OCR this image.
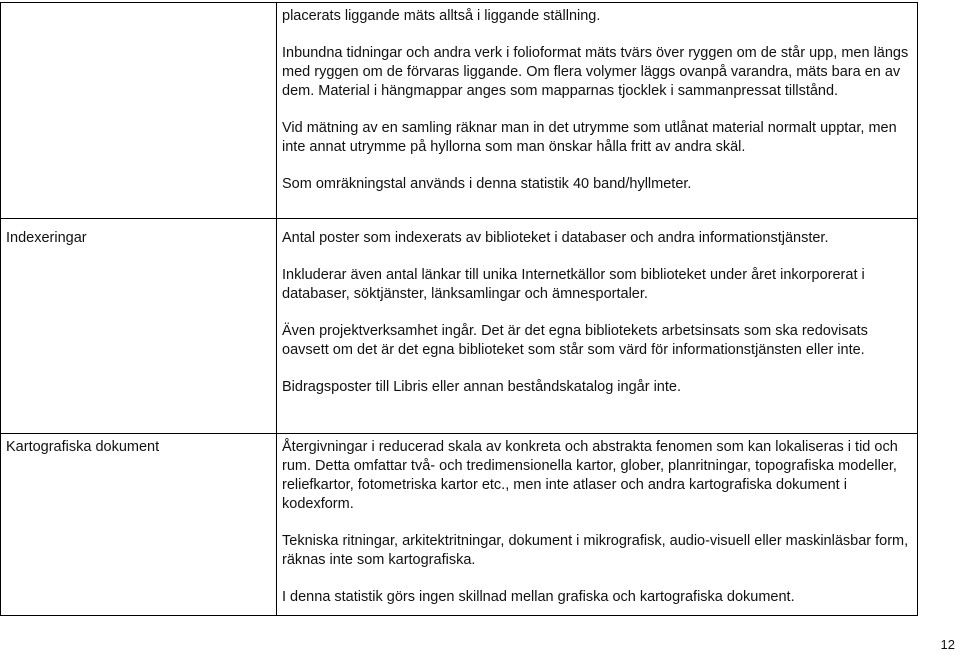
	placerats liggande mäts alltså i liggande ställning.

Inbundna tidningar och andra verk i folioformat mäts tvärs över ryggen om de står upp, men längs med ryggen om de förvaras liggande. Om flera volymer läggs ovanpå varandra, mäts bara en av dem. Material i hängmappar anges som mapparnas tjocklek i sammanpressat tillstånd.

Vid mätning av en samling räknar man in det utrymme som utlånat material normalt upptar, men inte annat utrymme på hyllorna som man önskar hålla fritt av andra skäl.

Som omräkningstal används i denna statistik 40 band/hyllmeter.

Indexeringar	Antal poster som indexerats av biblioteket i databaser och andra informationstjänster.

Inkluderar även antal länkar till unika Internetkällor som biblioteket under året inkorporerat i databaser, söktjänster, länksamlingar och ämnesportaler.

Även projektverksamhet ingår. Det är det egna bibliotekets arbetsinsats som ska redovisats oavsett om det är det egna biblioteket som står som värd för informationstjänsten eller inte.

Bidragsposter till Libris eller annan beståndskatalog ingår inte.

Kartografiska dokument	Återgivningar i reducerad skala av konkreta och abstrakta fenomen som kan lokaliseras i tid och rum. Detta omfattar två- och tredimensionella kartor, glober, planritningar, topografiska modeller, reliefkartor, fotometriska kartor etc., men inte atlaser och andra kartografiska dokument i kodexform.

Tekniska ritningar, arkitektritningar, dokument i mikrografisk, audio-visuell eller maskinläsbar form, räknas inte som kartografiska.

I denna statistik görs ingen skillnad mellan grafiska och kartografiska dokument.

12
